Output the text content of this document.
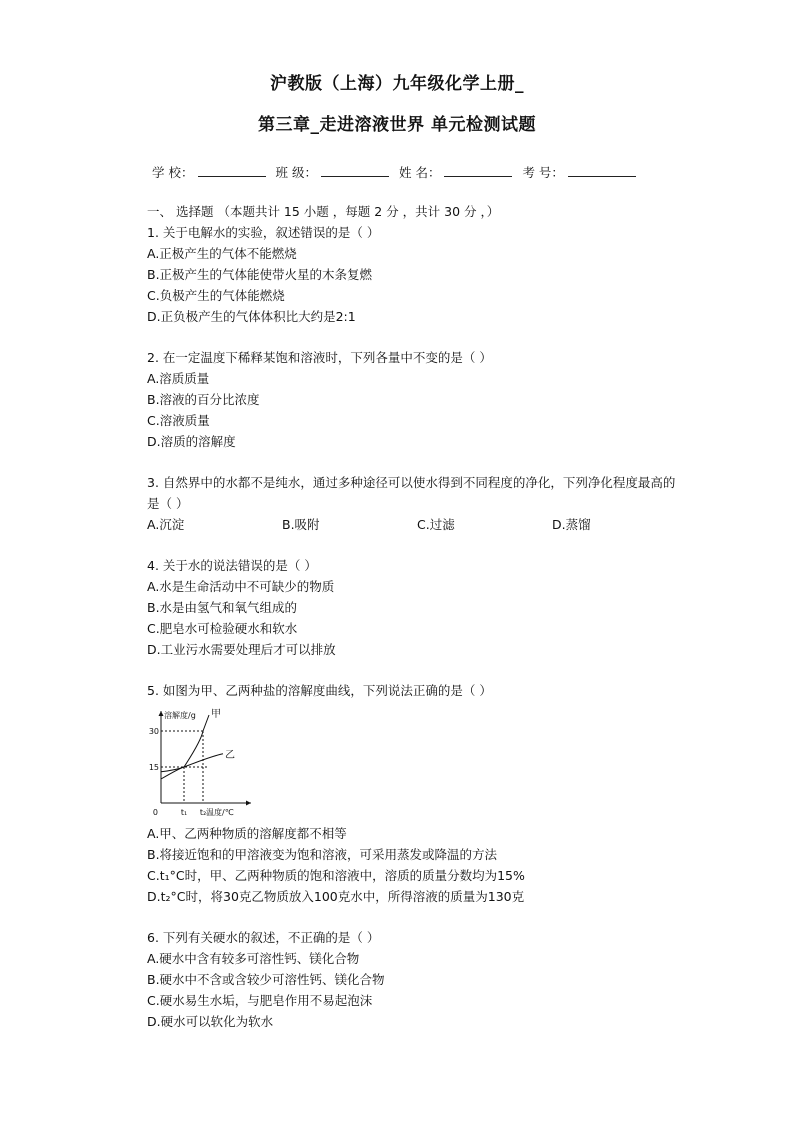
沪教版（上海）九年级化学上册_
第三章_走进溶液世界 单元检测试题
学 校：	班 级：	姓 名：	考 号：
一、 选择题 （本题共计 15 小题 ，每题 2 分 ，共计 30 分 ，）
1. 关于电解水的实验，叙述错误的是（ ）
A.正极产生的气体不能燃烧
B.正极产生的气体能使带火星的木条复燃
C.负极产生的气体能燃烧
D.正负极产生的气体体积比大约是2:1
2. 在一定温度下稀释某饱和溶液时，下列各量中不变的是（ ）
A.溶质质量
B.溶液的百分比浓度
C.溶液质量
D.溶质的溶解度
3. 自然界中的水都不是纯水，通过多种途径可以使水得到不同程度的净化，下列净化程度最高的是（ ）
A.沉淀	B.吸附	C.过滤	D.蒸馏
4. 关于水的说法错误的是（ ）
A.水是生命活动中不可缺少的物质
B.水是由氢气和氧气组成的
C.肥皂水可检验硬水和软水
D.工业污水需要处理后才可以排放
5. 如图为甲、乙两种盐的溶解度曲线，下列说法正确的是（ ）
溶解度/g
温度/℃
0
30
15
t₁ t₂
甲
乙
A.甲、乙两种物质的溶解度都不相等
B.将接近饱和的甲溶液变为饱和溶液，可采用蒸发或降温的方法
C.t₁°C时，甲、乙两种物质的饱和溶液中，溶质的质量分数均为15%
D.t₂°C时，将30克乙物质放入100克水中，所得溶液的质量为130克
6. 下列有关硬水的叙述，不正确的是（ ）
A.硬水中含有较多可溶性钙、镁化合物
B.硬水中不含或含较少可溶性钙、镁化合物
C.硬水易生水垢，与肥皂作用不易起泡沫
D.硬水可以软化为软水
